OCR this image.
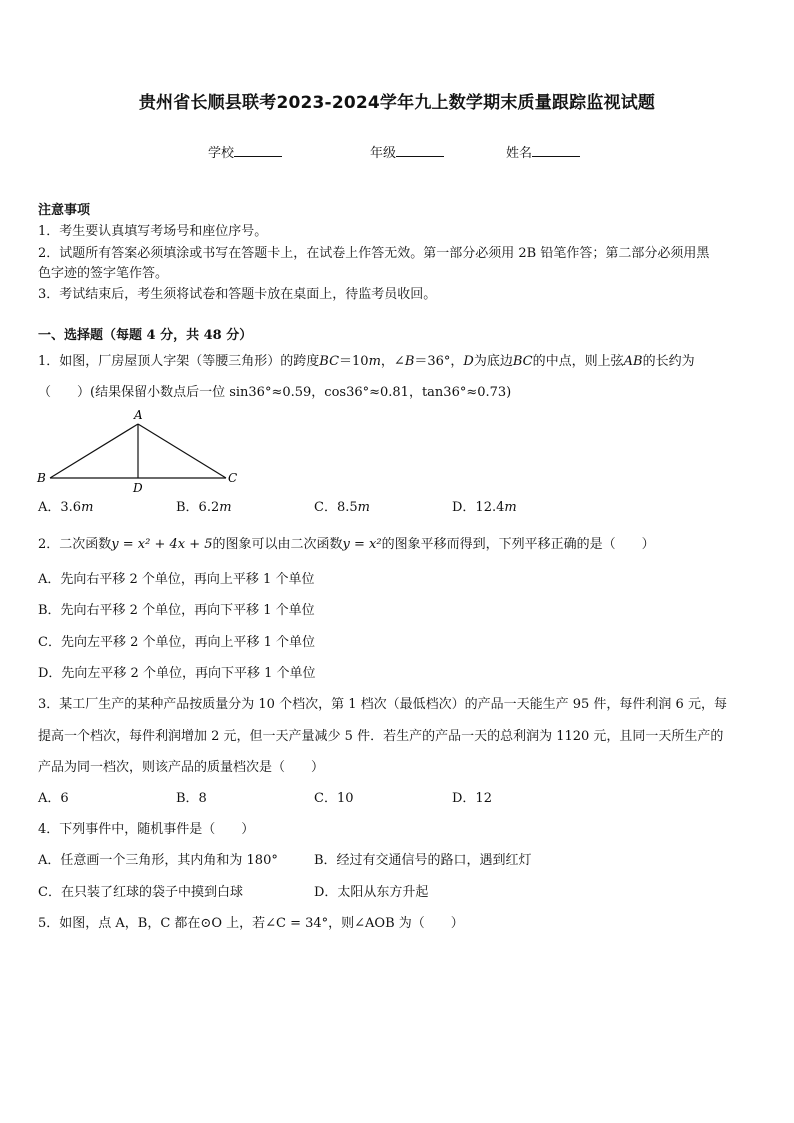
贵州省长顺县联考2023-2024学年九上数学期末质量跟踪监视试题
学校	年级	姓名
注意事项
1．考生要认真填写考场号和座位序号。
2．试题所有答案必须填涂或书写在答题卡上，在试卷上作答无效。第一部分必须用 2B 铅笔作答；第二部分必须用黑
色字迹的签字笔作答。
3．考试结束后，考生须将试卷和答题卡放在桌面上，待监考员收回。
一、选择题（每题 4 分，共 48 分）
1．如图，厂房屋顶人字架（等腰三角形）的跨度BC＝10m，∠B＝36°，D为底边BC的中点，则上弦AB的长约为
（　　）(结果保留小数点后一位 sin36°≈0.59，cos36°≈0.81，tan36°≈0.73)
A
B	C
D
A．3.6m	B．6.2m	C．8.5m	D．12.4m
2．二次函数y = x² + 4x + 5的图象可以由二次函数y = x²的图象平移而得到，下列平移正确的是（　　）
A．先向右平移 2 个单位，再向上平移 1 个单位
B．先向右平移 2 个单位，再向下平移 1 个单位
C．先向左平移 2 个单位，再向上平移 1 个单位
D．先向左平移 2 个单位，再向下平移 1 个单位
3．某工厂生产的某种产品按质量分为 10 个档次，第 1 档次（最低档次）的产品一天能生产 95 件，每件利润 6 元，每
提高一个档次，每件利润增加 2 元，但一天产量减少 5 件．若生产的产品一天的总利润为 1120 元，且同一天所生产的
产品为同一档次，则该产品的质量档次是（　　）
A．6	B．8	C．10	D．12
4．下列事件中，随机事件是（　　）
A．任意画一个三角形，其内角和为 180°	B．经过有交通信号的路口，遇到红灯
C．在只装了红球的袋子中摸到白球	D．太阳从东方升起
5．如图，点 A，B，C 都在⊙O 上，若∠C = 34°，则∠AOB 为（　　）
